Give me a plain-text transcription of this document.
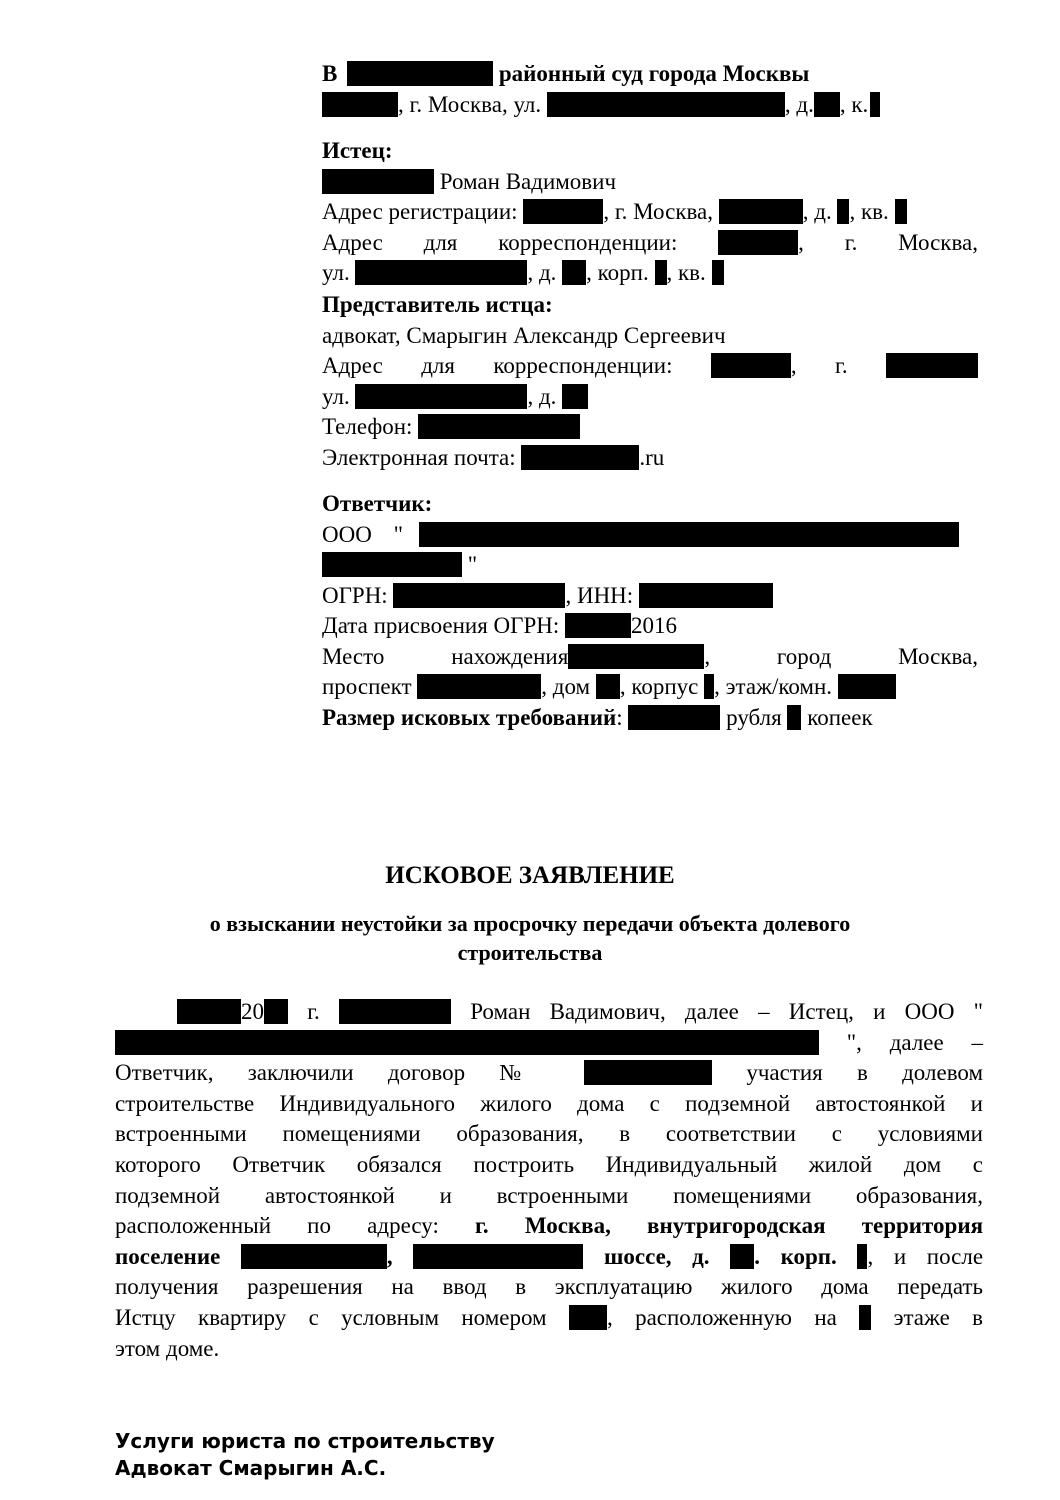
В	районный суд города Москвы
, г. Москва, ул.	, д. , к.
Истец:
Роман Вадимович
Адрес регистрации:	, г. Москва,	, д. , кв.
Адрес для корреспонденции:	, г. Москва,
ул.	, д. , корп. , кв.
Представитель истца:
адвокат, Смарыгин Александр Сергеевич
Адрес для корреспонденции:	, г.
ул.	, д.
Телефон:
Электронная почта:	.ru
Ответчик:
ООО "
"
ОГРН:	, ИНН:
Дата присвоения ОГРН:	2016
Место нахождения	, город Москва,
проспект	, дом , корпус , этаж/комн.
Размер исковых требований:	рубля копеек
ИСКОВОЕ ЗАЯВЛЕНИЕ
о взыскании неустойки за просрочку передачи объекта долевого
строительства
20 г.	Роман Вадимович, далее – Истец, и ООО "
", далее –
Ответчик, заключили договор №	участия в долевом
строительстве Индивидуального жилого дома с подземной автостоянкой и
встроенными помещениями образования, в соответствии с условиями
которого Ответчик обязался построить Индивидуальный жилой дом с
подземной автостоянкой и встроенными помещениями образования,
расположенный по адресу: г. Москва, внутригородская территория
поселение	,	шоссе, д. . корп. , и после
получения разрешения на ввод в эксплуатацию жилого дома передать
Истцу квартиру с условным номером	, расположенную на этаже в
этом доме.
Услуги юриста по строительству
Адвокат Смарыгин А.С.
